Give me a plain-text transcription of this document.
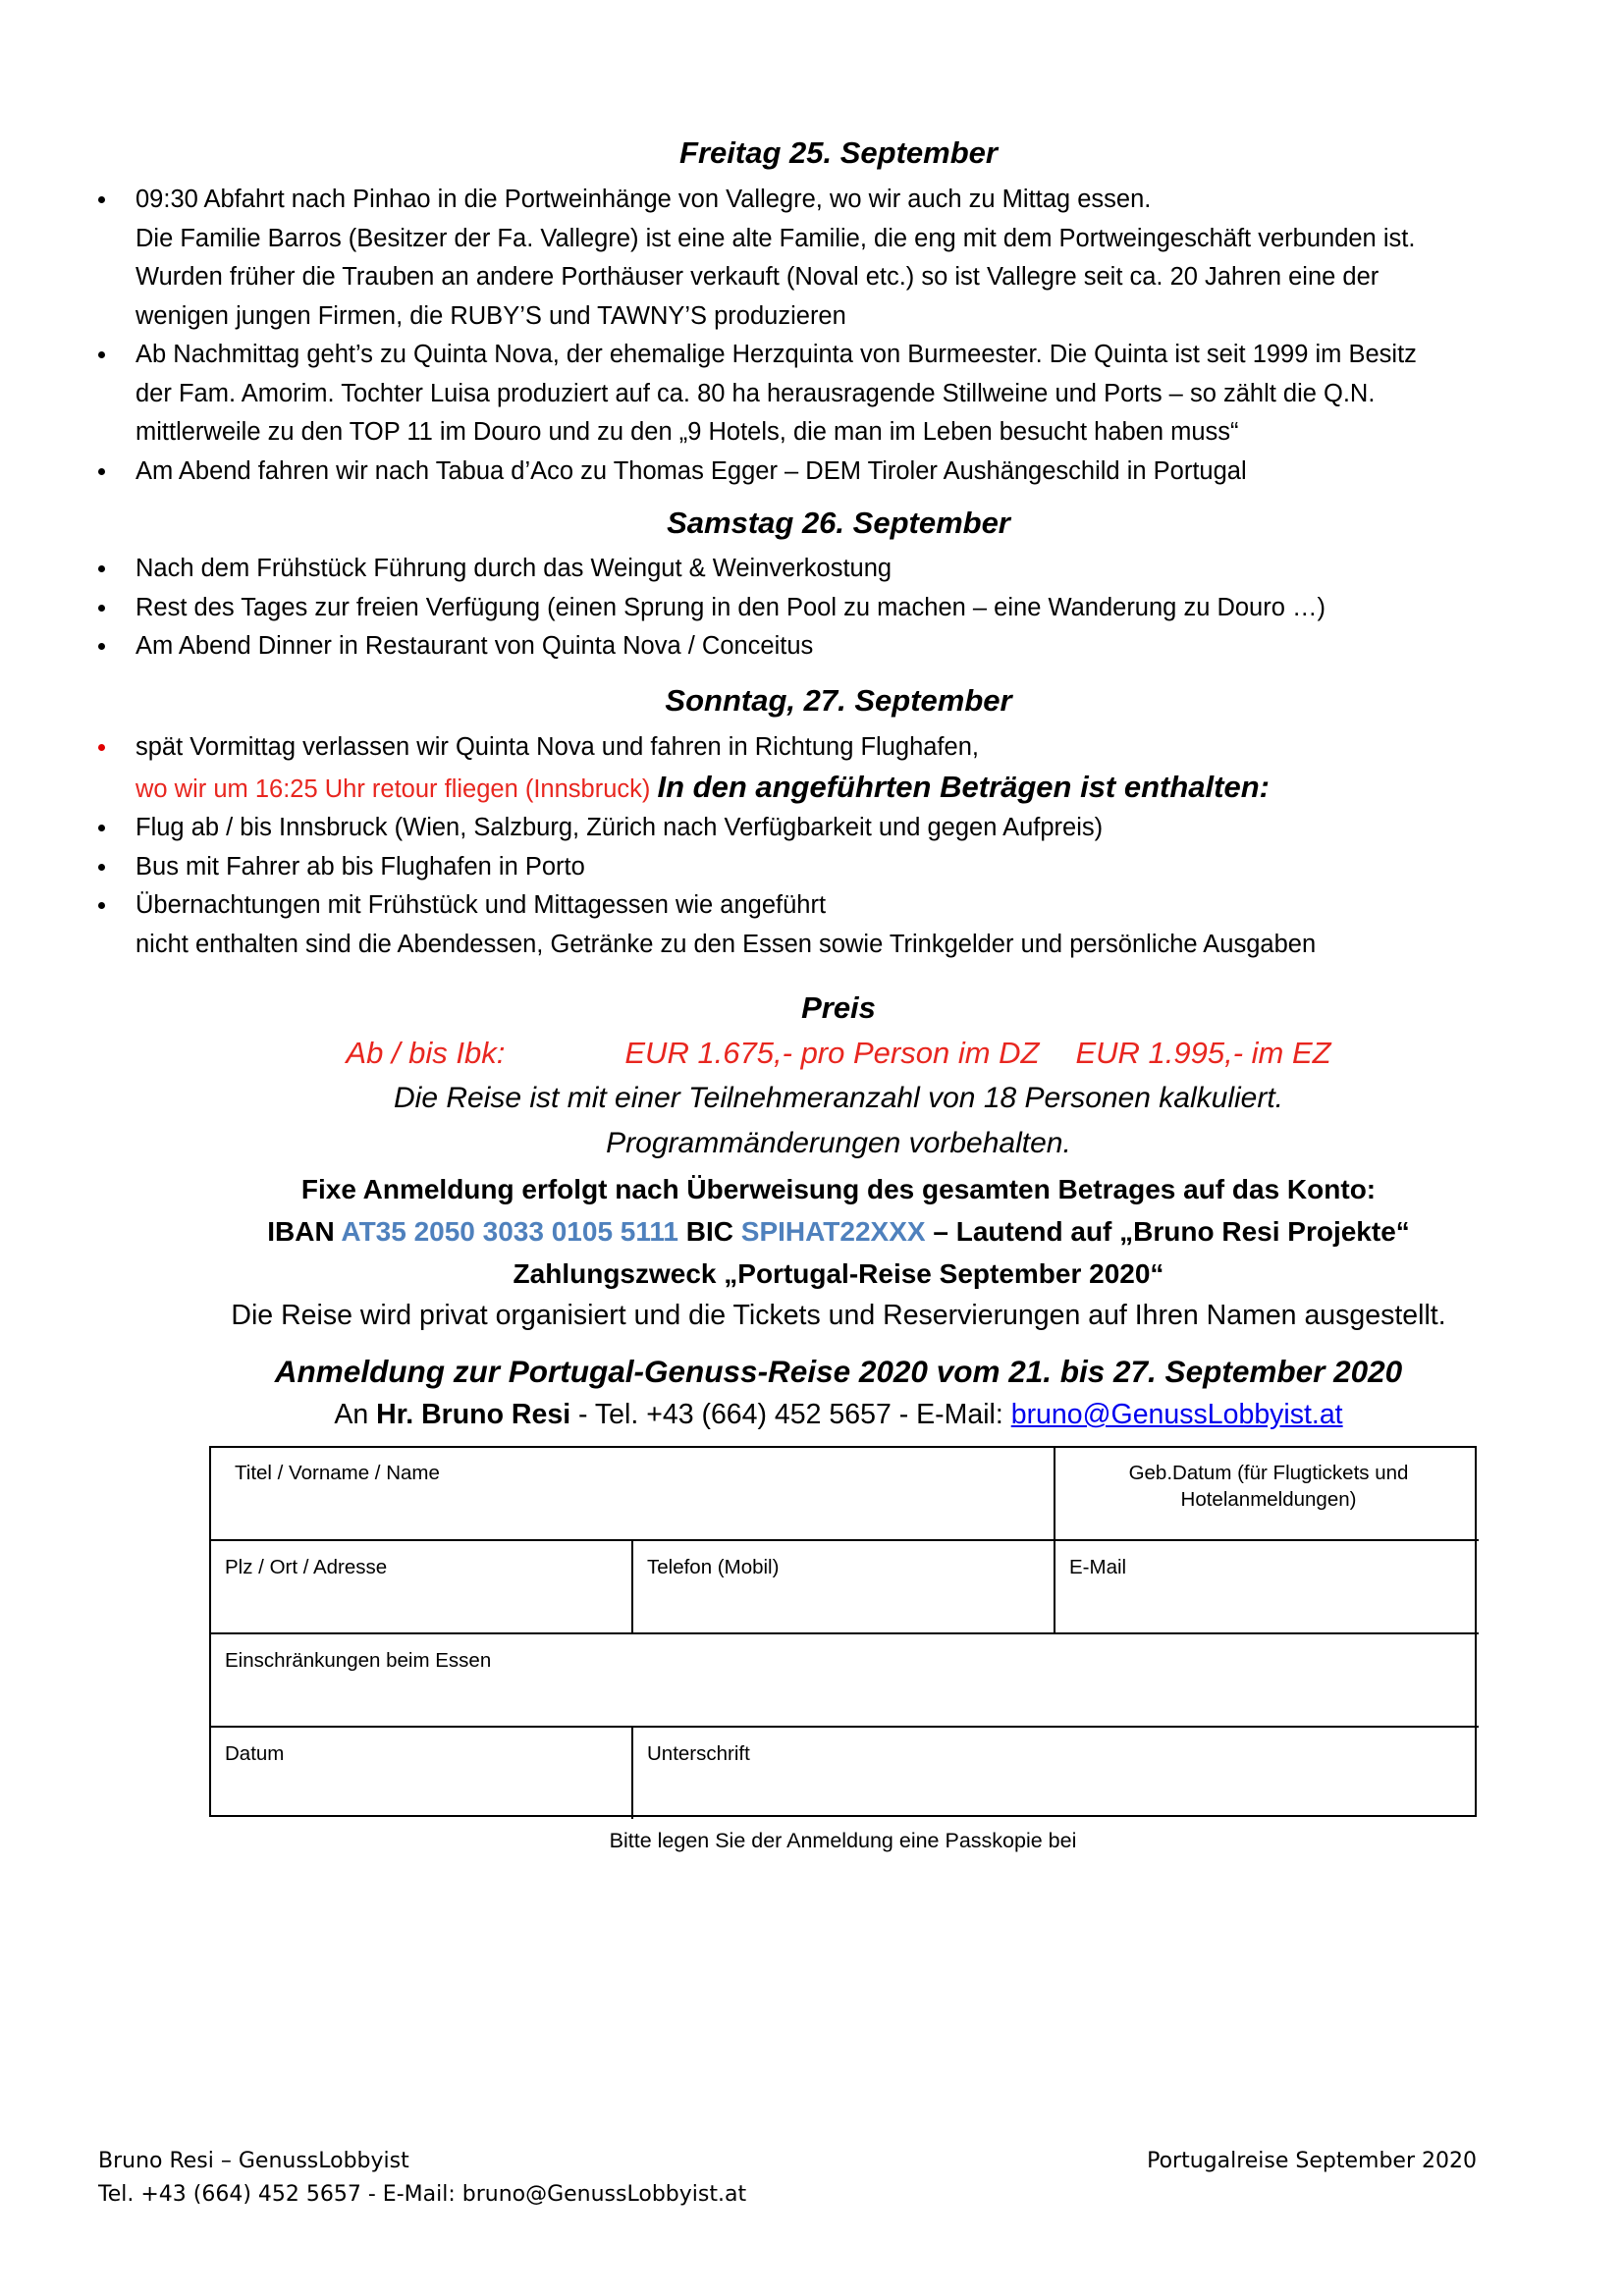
Freitag 25. September
09:30 Abfahrt nach Pinhao in die Portweinhänge von Vallegre, wo wir auch zu Mittag essen.
Die Familie Barros (Besitzer der Fa. Vallegre) ist eine alte Familie, die eng mit dem Portweingeschäft verbunden ist.
Wurden früher die Trauben an andere Porthäuser verkauft (Noval etc.) so ist Vallegre seit ca. 20 Jahren eine der
wenigen jungen Firmen, die RUBY’S und TAWNY’S produzieren
Ab Nachmittag geht’s zu Quinta Nova, der ehemalige Herzquinta von Burmeester. Die Quinta ist seit 1999 im Besitz
der Fam. Amorim. Tochter Luisa produziert auf ca. 80 ha herausragende Stillweine und Ports – so zählt die Q.N.
mittlerweile zu den TOP 11 im Douro und zu den „9 Hotels, die man im Leben besucht haben muss“
Am Abend fahren wir nach Tabua d’Aco zu Thomas Egger – DEM Tiroler Aushängeschild in Portugal
Samstag 26. September
Nach dem Frühstück Führung durch das Weingut & Weinverkostung
Rest des Tages zur freien Verfügung (einen Sprung in den Pool zu machen – eine Wanderung zu Douro …)
Am Abend Dinner in Restaurant von Quinta Nova / Conceitus
Sonntag, 27. September
spät Vormittag verlassen wir Quinta Nova und fahren in Richtung Flughafen,
wo wir um 16:25 Uhr retour fliegen (Innsbruck) In den angeführten Beträgen ist enthalten:
Flug ab / bis Innsbruck (Wien, Salzburg, Zürich nach Verfügbarkeit und gegen Aufpreis)
Bus mit Fahrer ab bis Flughafen in Porto
Übernachtungen mit Frühstück und Mittagessen wie angeführt
nicht enthalten sind die Abendessen, Getränke zu den Essen sowie Trinkgelder und persönliche Ausgaben
Preis
Ab / bis Ibk:	EUR 1.675,- pro Person im DZ EUR 1.995,- im EZ
Die Reise ist mit einer Teilnehmeranzahl von 18 Personen kalkuliert.
Programmänderungen vorbehalten.
Fixe Anmeldung erfolgt nach Überweisung des gesamten Betrages auf das Konto:
IBAN AT35 2050 3033 0105 5111 BIC SPIHAT22XXX – Lautend auf „Bruno Resi Projekte“
Zahlungszweck „Portugal-Reise September 2020“
Die Reise wird privat organisiert und die Tickets und Reservierungen auf Ihren Namen ausgestellt.
Anmeldung zur Portugal-Genuss-Reise 2020 vom 21. bis 27. September 2020
An Hr. Bruno Resi - Tel. +43 (664) 452 5657 - E-Mail: bruno@GenussLobbyist.at
Titel / Vorname / Name	Geb.Datum (für Flugtickets und Hotelanmeldungen)
Plz / Ort / Adresse	Telefon (Mobil)	E-Mail
Einschränkungen beim Essen
Datum	Unterschrift
Bitte legen Sie der Anmeldung eine Passkopie bei
Bruno Resi – GenussLobbyist
Tel. +43 (664) 452 5657 - E-Mail: bruno@GenussLobbyist.at
Portugalreise September 2020
